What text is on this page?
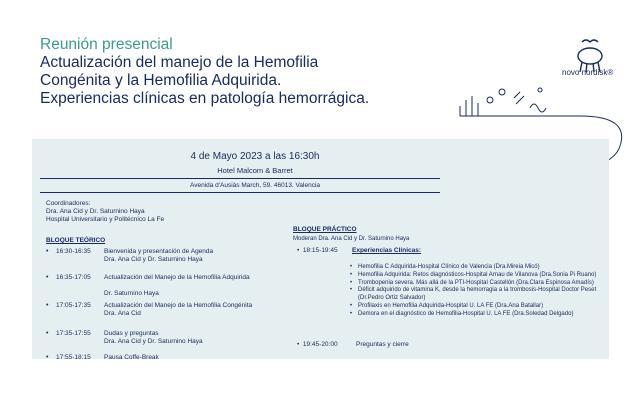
Reunión presencial
Actualización del manejo de la Hemofilia
Congénita y la Hemofilia Adquirida.
Experiencias clínicas en patología hemorrágica.
novo nordisk®
4 de Mayo 2023 a las 16:30h
Hotel Malcom & Barret
Avenida d'Ausiàs March, 59. 46013. Valencia
Coordinadores:
Dra. Ana Cid y Dr. Saturnino Haya
Hospital Universitario y Politécnico La Fe
BLOQUE TEÓRICO
• 16:30-16:35 Bienvenida y presentación de Agenda
Dra. Ana Cid y Dr. Saturnino Haya
• 16:35-17:05 Actualización del Manejo de la Hemofilia Adquirida

Dr. Saturnino Haya
• 17:05-17:35 Actualización del Manejo de la Hemofilia Congénita
Dra. Ana Cid
• 17:35-17:55 Dudas y preguntas
Dra. Ana Cid y Dr. Saturnino Haya
• 17:55-18:15 Pausa Coffe-Break
BLOQUE PRÁCTICO
Moderan Dra. Ana Cid y Dr. Saturnino Haya
•  18:15-19:45 Experiencias Clínicas:
• Hemofilia C Adquirida-Hospital Clínico de Valencia (Dra.Mireia Micó)
• Hemofilia Adquirida: Retos diagnósticos-Hospital Arnau de Vilanova (Dra.Sonia Pi Ruano)
• Trombopenia severa. Más allá de la PTI-Hospital Castellón (Dra.Clara Espinosa Amadís)
• Déficit adquirido de vitamina K, desde la hemorragia a la trombosis-Hospital Doctor Peset (Dr.Pedro Ortiz Salvador)
• Profilaxis en Hemofilia Adquirida-Hospital U. LA FE (Dra.Ana Batallar)
• Demora en el diagnóstico de Hemofilia-Hospital U. LA FE (Dra.Soledad Delgado)
•  19:45-20:00	Preguntas y cierre
